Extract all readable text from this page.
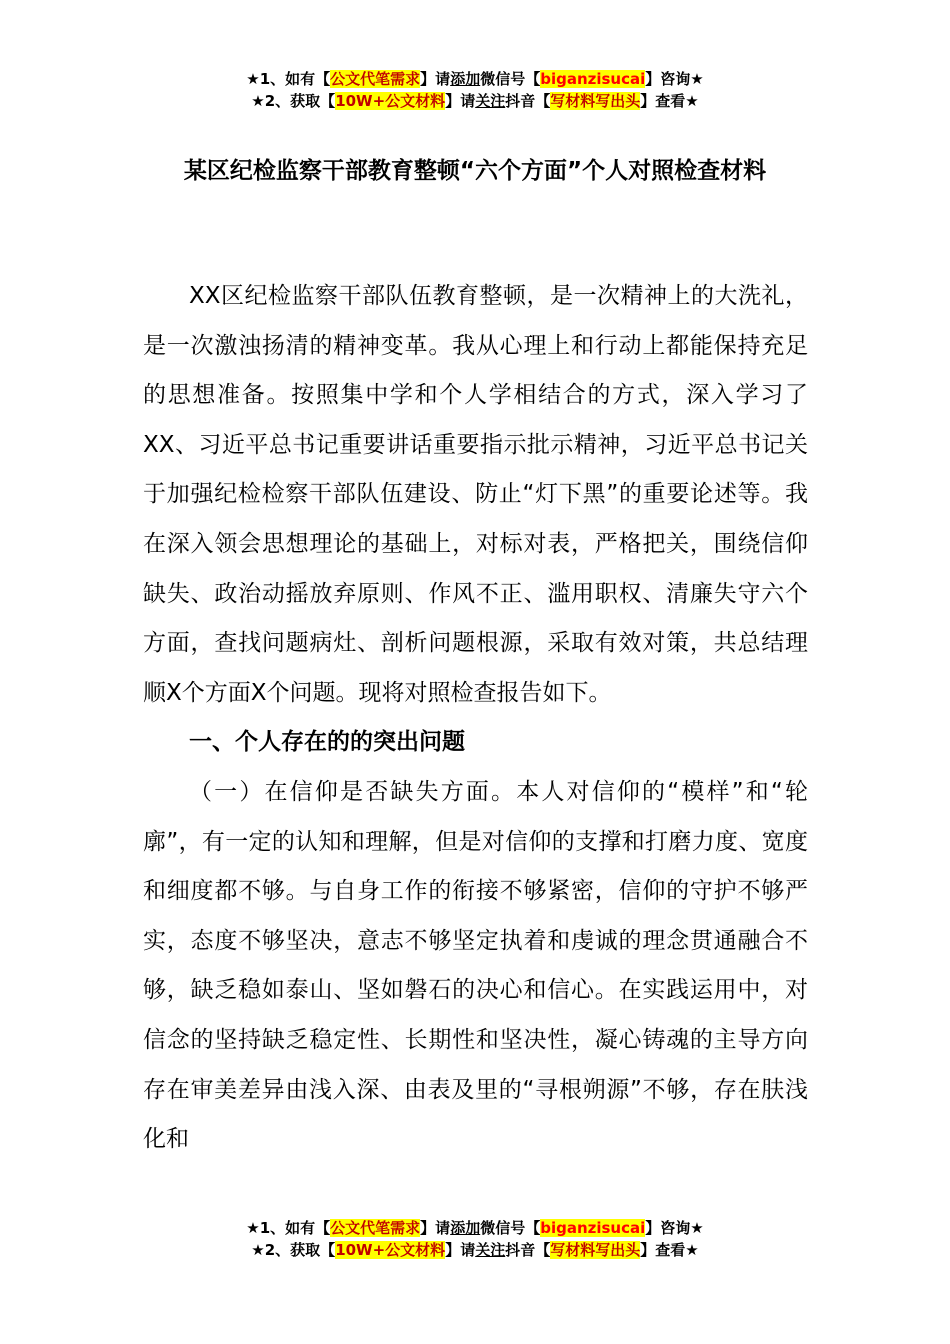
★1、如有【公文代笔需求】请添加微信号【biganzisucai】咨询★
★2、获取【10W+公文材料】请关注抖音【写材料写出头】查看★
某区纪检监察干部教育整顿“六个方面”个人对照检查材料

XX区纪检监察干部队伍教育整顿，是一次精神上的大洗礼，是一次激浊扬清的精神变革。我从心理上和行动上都能保持充足的思想准备。按照集中学和个人学相结合的方式，深入学习了XX、习近平总书记重要讲话重要指示批示精神，习近平总书记关于加强纪检检察干部队伍建设、防止“灯下黑”的重要论述等。我在深入领会思想理论的基础上，对标对表，严格把关，围绕信仰缺失、政治动摇放弃原则、作风不正、滥用职权、清廉失守六个方面，查找问题病灶、剖析问题根源，采取有效对策，共总结理顺X个方面X个问题。现将对照检查报告如下。

一、个人存在的的突出问题

（一）在信仰是否缺失方面。本人对信仰的“模样”和“轮廓”，有一定的认知和理解，但是对信仰的支撑和打磨力度、宽度和细度都不够。与自身工作的衔接不够紧密，信仰的守护不够严实，态度不够坚决，意志不够坚定执着和虔诚的理念贯通融合不够，缺乏稳如泰山、坚如磐石的决心和信心。在实践运用中，对信念的坚持缺乏稳定性、长期性和坚决性，凝心铸魂的主导方向存在审美差异由浅入深、由表及里的“寻根朔源”不够，存在肤浅化和

★1、如有【公文代笔需求】请添加微信号【biganzisucai】咨询★
★2、获取【10W+公文材料】请关注抖音【写材料写出头】查看★
